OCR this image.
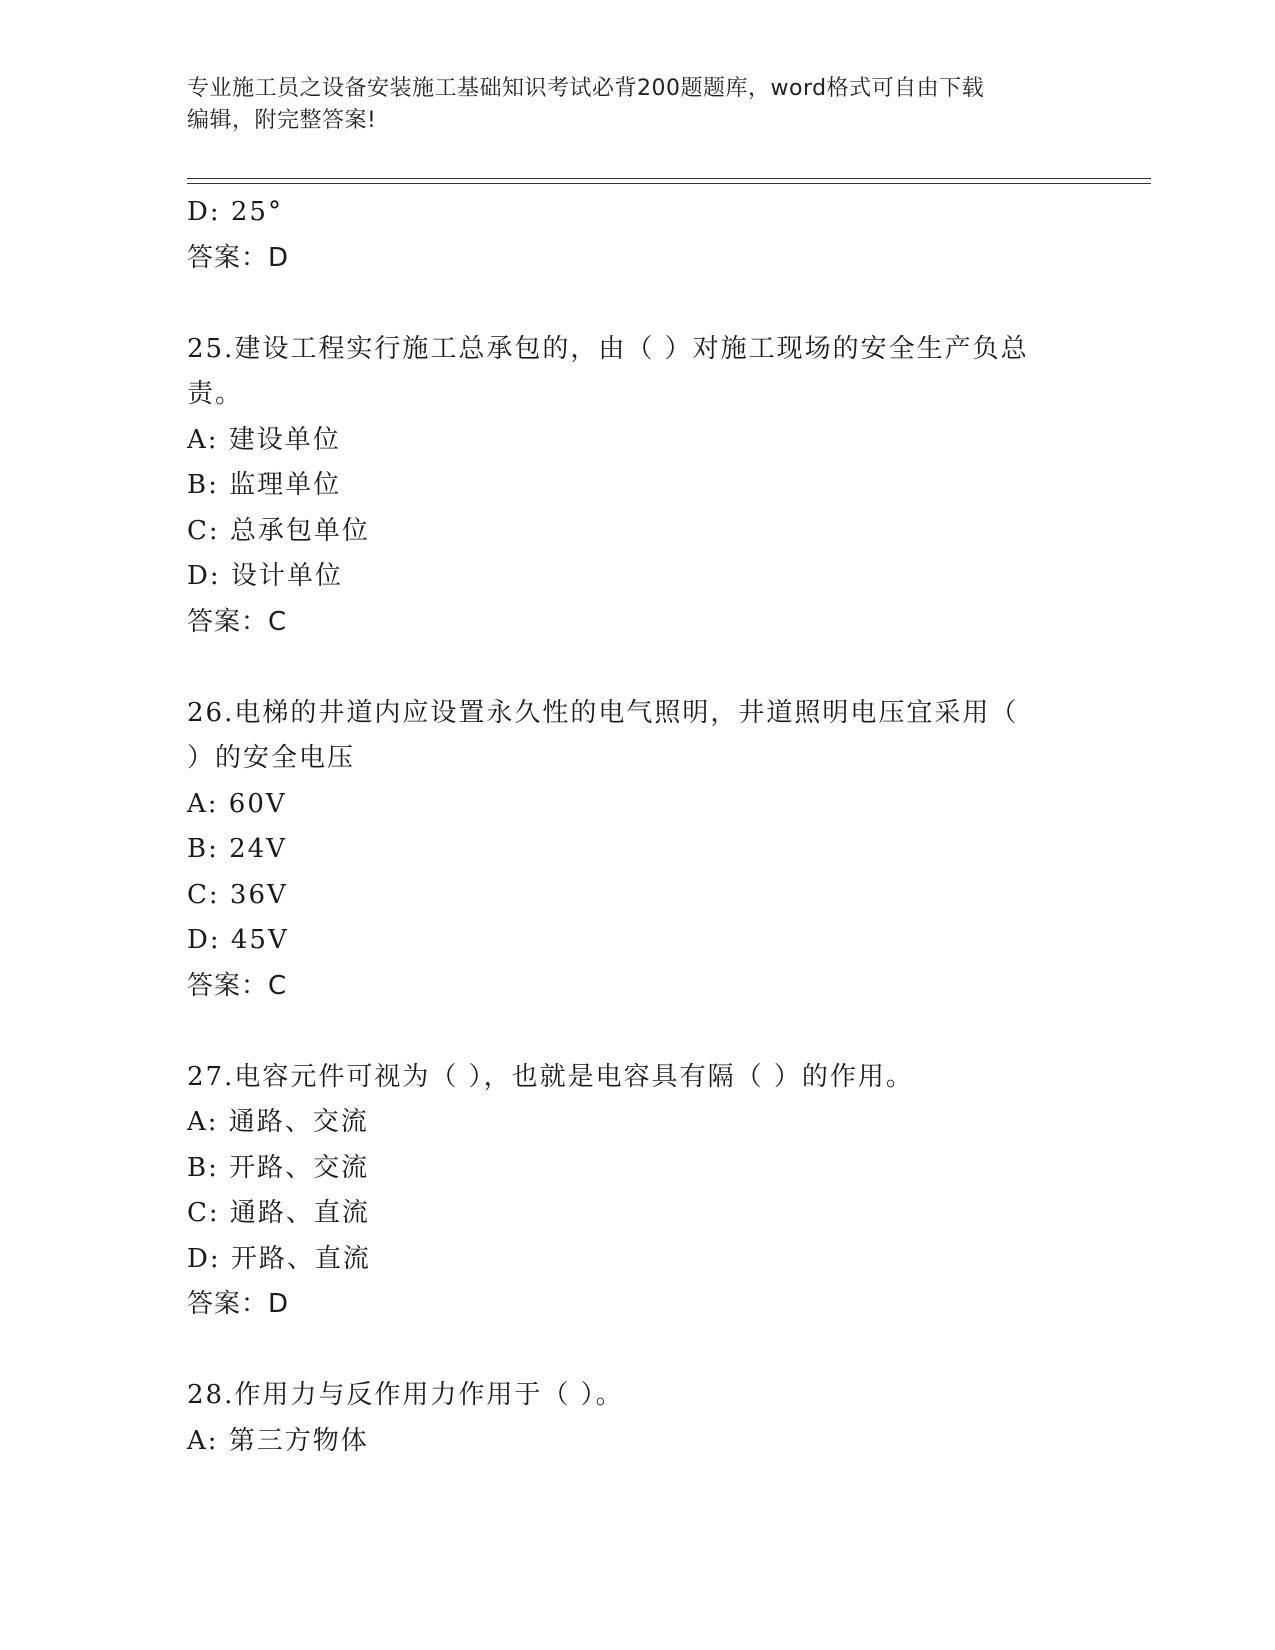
专业施工员之设备安装施工基础知识考试必背200题题库，word格式可自由下载
编辑，附完整答案!
D: 25°
答案：D
25.建设工程实行施工总承包的，由（ ）对施工现场的安全生产负总
责。
A: 建设单位
B: 监理单位
C: 总承包单位
D: 设计单位
答案：C
26.电梯的井道内应设置永久性的电气照明，井道照明电压宜采用（
）的安全电压
A: 60V
B: 24V
C: 36V
D: 45V
答案：C
27.电容元件可视为（ ），也就是电容具有隔（ ）的作用。
A: 通路、交流
B: 开路、交流
C: 通路、直流
D: 开路、直流
答案：D
28.作用力与反作用力作用于（ ）。
A: 第三方物体
